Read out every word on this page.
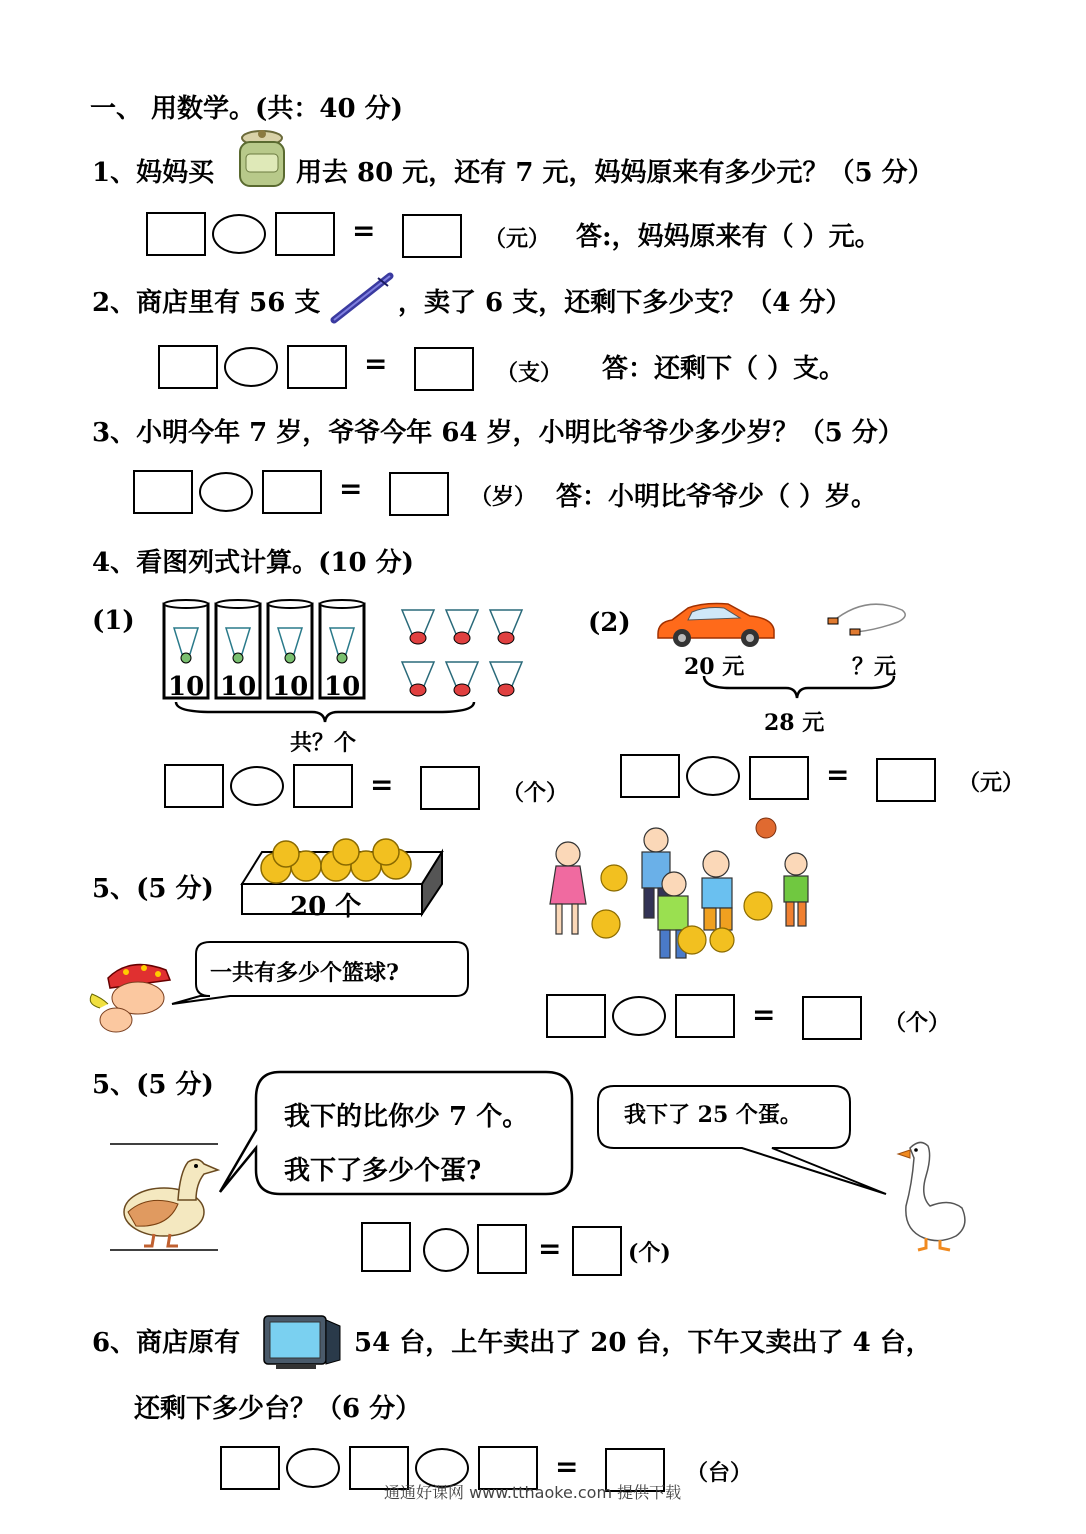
一、 用数学。(共：40 分)
1、妈妈买	用去 80 元，还有 7 元，妈妈原来有多少元？（5 分）
=	（元） 答:，妈妈原来有（ ）元。
2、商店里有 56 支	，卖了 6 支，还剩下多少支？（4 分）
=	（支） 答：还剩下（ ）支。
3、小明今年 7 岁，爷爷今年 64 岁，小明比爷爷少多少岁？（5 分）
=	（岁） 答：小明比爷爷少（ ）岁。
4、看图列式计算。(10 分)
(1)
10 10 10 10
共？个
=	（个）
(2)
20 元	？元
28 元
=	（元）
5、(5 分)
20 个
一共有多少个篮球?
=	（个）
5、(5 分)
我下的比你少 7 个。
我下了多少个蛋?
我下了 25 个蛋。
=	(个)
6、商店原有	54 台，上午卖出了 20 台，下午又卖出了 4 台，
还剩下多少台？（6 分）
=	（台）
通通好课网 www.tthaoke.com 提供下载
